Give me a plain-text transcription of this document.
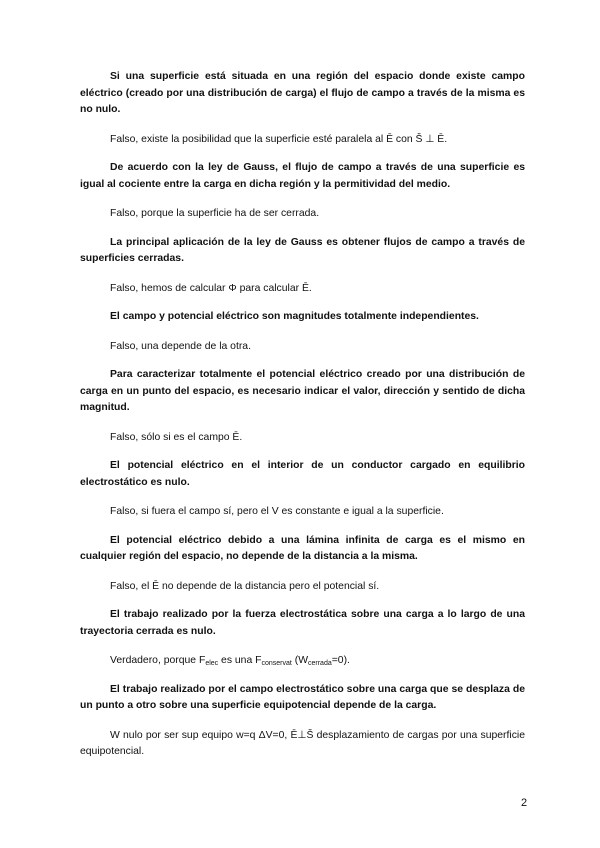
Si una superficie está situada en una región del espacio donde existe campo eléctrico (creado por una distribución de carga) el flujo de campo a través de la misma es no nulo.

Falso, existe la posibilidad que la superficie esté paralela al Ē con Š ⊥ Ē.

De acuerdo con la ley de Gauss, el flujo de campo a través de una superficie es igual al cociente entre la carga en dicha región y la permitividad del medio.

Falso, porque la superficie ha de ser cerrada.

La principal aplicación de la ley de Gauss es obtener flujos de campo a través de superficies cerradas.

Falso, hemos de calcular Φ para calcular Ē.

El campo y potencial eléctrico son magnitudes totalmente independientes.

Falso, una depende de la otra.

Para caracterizar totalmente el potencial eléctrico creado por una distribución de carga en un punto del espacio, es necesario indicar el valor, dirección y sentido de dicha magnitud.

Falso, sólo si es el campo Ē.

El potencial eléctrico en el interior de un conductor cargado en equilibrio electrostático es nulo.

Falso, si fuera el campo sí, pero el V es constante e igual a la superficie.

El potencial eléctrico debido a una lámina infinita de carga es el mismo en cualquier región del espacio, no depende de la distancia a la misma.

Falso, el Ē no depende de la distancia pero el potencial sí.

El trabajo realizado por la fuerza electrostática sobre una carga a lo largo de una trayectoria cerrada es nulo.

Verdadero, porque $F_{elec}$ es una $F_{conservat}$ $(W_{cerrada}=0)$.

El trabajo realizado por el campo electrostático sobre una carga que se desplaza de un punto a otro sobre una superficie equipotencial depende de la carga.

W nulo por ser sup equipo w=q ΔV=0, Ē⊥Š desplazamiento de cargas por una superficie equipotencial.

2
